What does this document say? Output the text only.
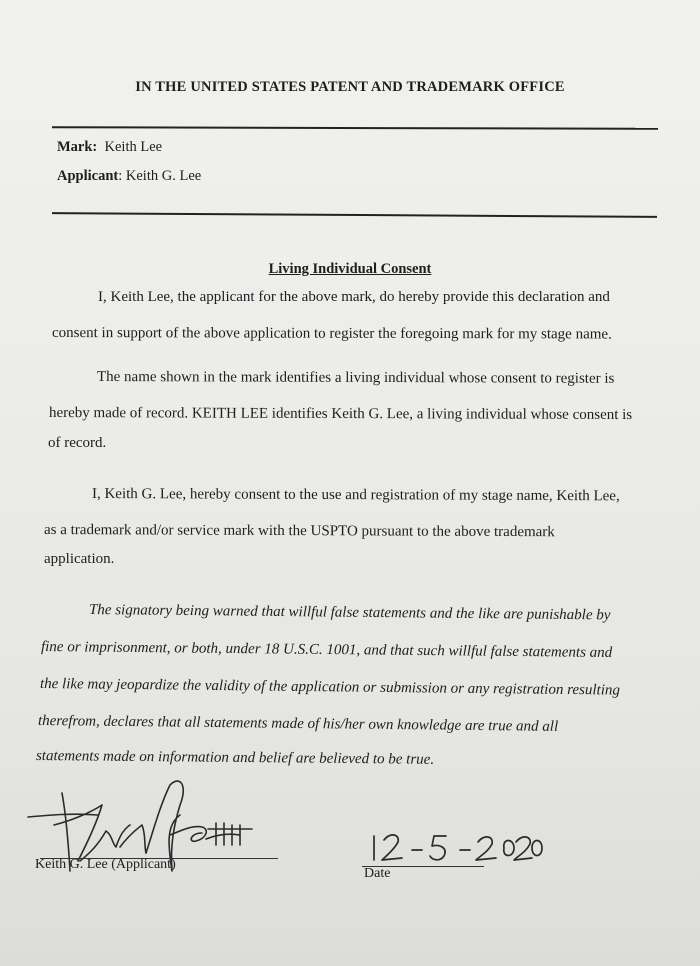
IN THE UNITED STATES PATENT AND TRADEMARK OFFICE
Mark: Keith Lee
Applicant: Keith G. Lee
Living Individual Consent
I, Keith Lee, the applicant for the above mark, do hereby provide this declaration and
consent in support of the above application to register the foregoing mark for my stage name.
The name shown in the mark identifies a living individual whose consent to register is
hereby made of record. KEITH LEE identifies Keith G. Lee, a living individual whose consent is
of record.
I, Keith G. Lee, hereby consent to the use and registration of my stage name, Keith Lee,
as a trademark and/or service mark with the USPTO pursuant to the above trademark
application.
The signatory being warned that willful false statements and the like are punishable by
fine or imprisonment, or both, under 18 U.S.C. 1001, and that such willful false statements and
the like may jeopardize the validity of the application or submission or any registration resulting
therefrom, declares that all statements made of his/her own knowledge are true and all
statements made on information and belief are believed to be true.
Keith G. Lee (Applicant)
Date
